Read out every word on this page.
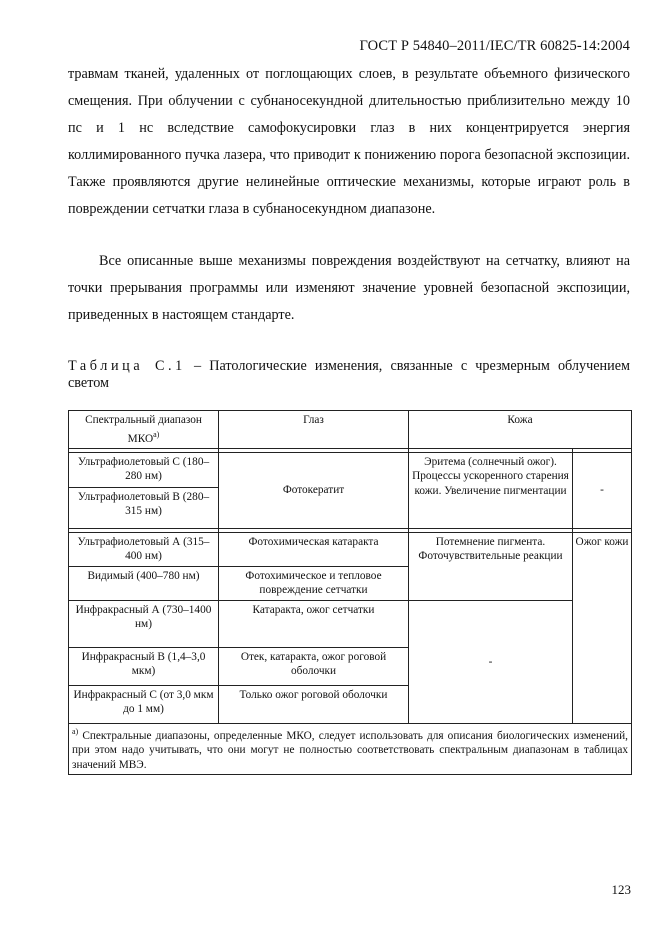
ГОСТ Р 54840–2011/IEC/TR 60825-14:2004
травмам тканей, удаленных от поглощающих слоев, в результате объемного физического смещения. При облучении с субнаносекундной длительностью приблизительно между 10 пс и 1 нс вследствие самофокусировки глаз в них концентрируется энергия коллимированного пучка лазера, что приводит к понижению порога безопасной экспозиции. Также проявляются другие нелинейные оптические механизмы, которые играют роль в повреждении сетчатки глаза в субнаносекундном диапазоне.
Все описанные выше механизмы повреждения воздействуют на сетчатку, влияют на точки прерывания программы или изменяют значение уровней безопасной экспозиции, приведенных в настоящем стандарте.
Таблица С.1 – Патологические изменения, связанные с чрезмерным облучением светом
Спектральный диапазон $МКО^{а)}$	Глаз	Кожа	

Ультрафиолетовый С (180–280 нм)	Фотокератит	Эритема (солнечный ожог). Процессы ускоренного старения кожи. Увеличение пигментации	-
Ультрафиолетовый В (280–315 нм)			

Ультрафиолетовый А (315–400 нм)	Фотохимическая катаракта	Потемнение пигмента. Фоточувствительные реакции	Ожог кожи
Видимый (400–780 нм)	Фотохимическое и тепловое повреждение сетчатки		
Инфракрасный А (730–1400 нм)	Катаракта, ожог сетчатки	-	
Инфракрасный В (1,4–3,0 мкм)	Отек, катаракта, ожог роговой оболочки		
Инфракрасный С (от 3,0 мкм до 1 мм)	Только ожог роговой оболочки		
$^{а)}$ Спектральные диапазоны, определенные МКО, следует использовать для описания биологических изменений, при этом надо учитывать, что они могут не полностью соответствовать спектральным диапазонам в таблицах значений МВЭ.			
123
